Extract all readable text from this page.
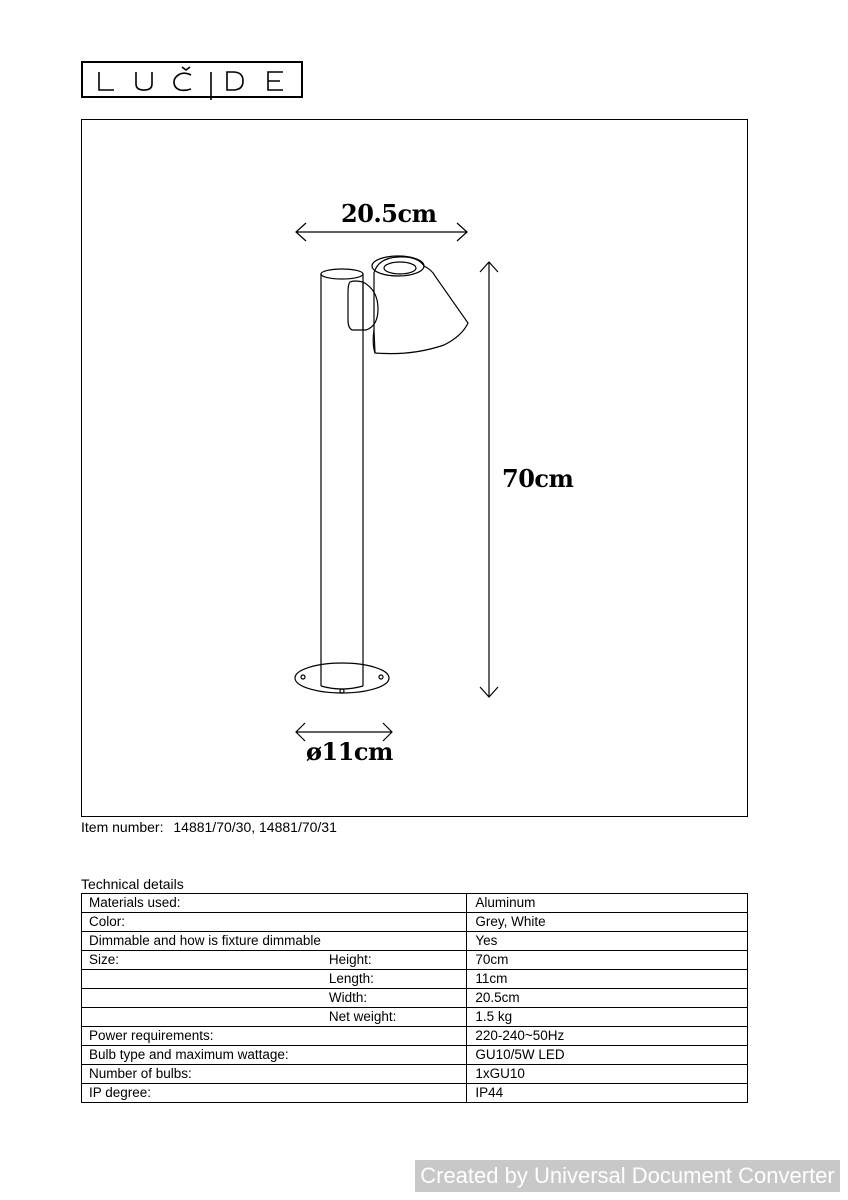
20.5cm
70cm
ø11cm
Item number: 14881/70/30, 14881/70/31
Technical details
Materials used:		Aluminum
Color:		Grey, White
Dimmable and how is fixture dimmable		Yes
Size:	Height:	70cm
	Length:	11cm
	Width:	20.5cm
	Net weight:	1.5 kg
Power requirements:		220-240~50Hz
Bulb type and maximum wattage:		GU10/5W LED
Number of bulbs:		1xGU10
IP degree:		IP44
Created by Universal Document Converter
